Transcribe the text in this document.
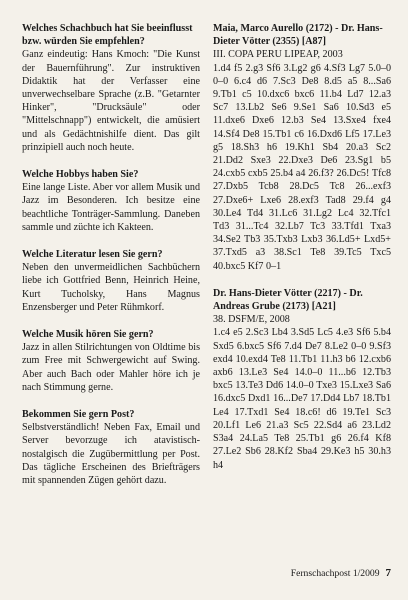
Welches Schachbuch hat Sie beeinflusst bzw. würden Sie empfehlen?

Ganz eindeutig: Hans Kmoch: "Die Kunst der Bauernführung". Zur instruktiven Didaktik hat der Verfasser eine unverwechselbare Sprache (z.B. "Getarnter Hinker", "Drucksäule" oder "Mittelschnapp") entwickelt, die amüsiert und als Gedächtnishilfe dient. Das gilt prinzipiell auch noch heute.

Welche Hobbys haben Sie?

Eine lange Liste. Aber vor allem Musik und Jazz im Besonderen. Ich besitze eine beachtliche Tonträger-Sammlung. Daneben sammle und züchte ich Kakteen.

Welche Literatur lesen Sie gern?

Neben den unvermeidlichen Sachbüchern liebe ich Gottfried Benn, Heinrich Heine, Kurt Tucholsky, Hans Magnus Enzensberger und Peter Rühmkorf.

Welche Musik hören Sie gern?

Jazz in allen Stilrichtungen von Oldtime bis zum Free mit Schwergewicht auf Swing. Aber auch Bach oder Mahler höre ich je nach Stimmung gerne.

Bekommen Sie gern Post?

Selbstverständlich! Neben Fax, Email und Server bevorzuge ich atavistisch-nostalgisch die Zugübermittlung per Post. Das tägliche Erscheinen des Briefträgers mit spannenden Zügen gehört dazu.

Maia, Marco Aurello (2172) - Dr. Hans-Dieter Vötter (2355) [A87]

III. COPA PERU LIPEAP, 2003

1.d4 f5 2.g3 Sf6 3.Lg2 g6 4.Sf3 Lg7 5.0–0 0–0 6.c4 d6 7.Sc3 De8 8.d5 a5 8...Sa6 9.Tb1 c5 10.dxc6 bxc6 11.b4 Ld7 12.a3 Sc7 13.Lb2 Se6 9.Se1 Sa6 10.Sd3 e5 11.dxe6 Dxe6 12.b3 Se4 13.Sxe4 fxe4 14.Sf4 De8 15.Tb1 c6 16.Dxd6 Lf5 17.Le3 g5 18.Sh3 h6 19.Kh1 Sb4 20.a3 Sc2 21.Dd2 Sxe3 22.Dxe3 De6 23.Sg1 b5 24.cxb5 cxb5 25.b4 a4 26.f3? 26.Dc5! Tfc8 27.Dxb5 Tcb8 28.Dc5 Tc8 26...exf3 27.Dxe6+ Lxe6 28.exf3 Tad8 29.f4 g4 30.Le4 Td4 31.Lc6 31.Lg2 Lc4 32.Tfc1 Td3 31...Tc4 32.Lb7 Tc3 33.Tfd1 Txa3 34.Se2 Tb3 35.Txb3 Lxb3 36.Ld5+ Lxd5+ 37.Txd5 a3 38.Sc1 Te8 39.Tc5 Txc5 40.bxc5 Kf7 0–1

Dr. Hans-Dieter Vötter (2217) - Dr. Andreas Grube (2173) [A21]

38. DSFM/E, 2008

1.c4 e5 2.Sc3 Lb4 3.Sd5 Lc5 4.e3 Sf6 5.b4 Sxd5 6.bxc5 Sf6 7.d4 De7 8.Le2 0–0 9.Sf3 exd4 10.exd4 Te8 11.Tb1 11.h3 b6 12.cxb6 axb6 13.Le3 Se4 14.0–0 11...b6 12.Tb3 bxc5 13.Te3 Dd6 14.0–0 Txe3 15.Lxe3 Sa6 16.dxc5 Dxd1 16...De7 17.Dd4 Lb7 18.Tb1 Le4 17.Txd1 Se4 18.c6! d6 19.Te1 Sc3 20.Lf1 Le6 21.a3 Sc5 22.Sd4 a6 23.Ld2 S3a4 24.La5 Te8 25.Tb1 g6 26.f4 Kf8 27.Le2 Sb6 28.Kf2 Sba4 29.Ke3 h5 30.h3 h4

Fernschachpost 1/2009 7
